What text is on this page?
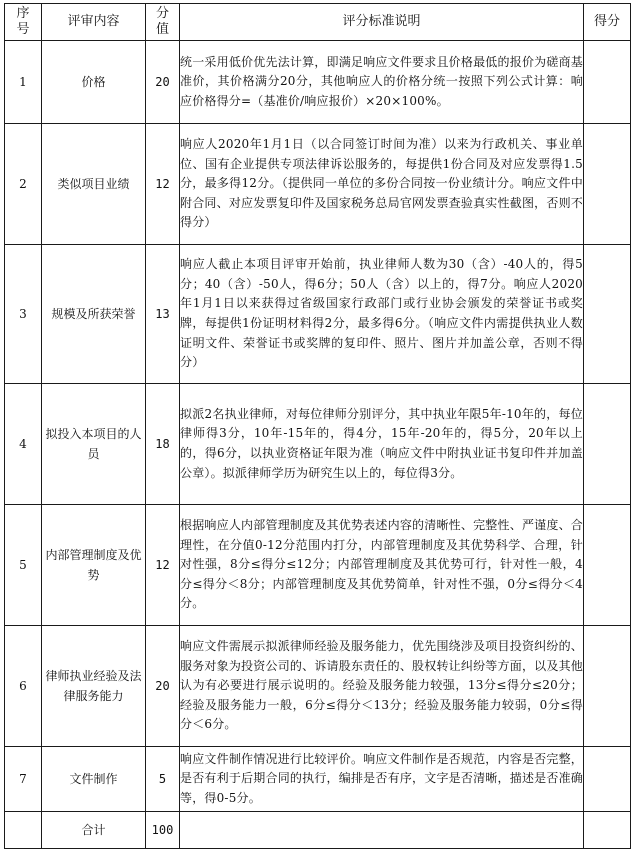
序号	评审内容	分值	评分标准说明	得分
1	价格	20	统一采用低价优先法计算，即满足响应文件要求且价格最低的报价为磋商基准价，其价格满分20分，其他响应人的价格分统一按照下列公式计算：响应价格得分=（基准价/响应报价）×20×100%。	
2	类似项目业绩	12	响应人2020年1月1日（以合同签订时间为准）以来为行政机关、事业单位、国有企业提供专项法律诉讼服务的，每提供1份合同及对应发票得1.5分，最多得12分。（提供同一单位的多份合同按一份业绩计分。响应文件中附合同、对应发票复印件及国家税务总局官网发票查验真实性截图，否则不得分）	
3	规模及所获荣誉	13	响应人截止本项目评审开始前，执业律师人数为30（含）-40人的，得5分；40（含）-50人，得6分；50人（含）以上的，得7分。响应人2020年1月1日以来获得过省级国家行政部门或行业协会颁发的荣誉证书或奖牌，每提供1份证明材料得2分，最多得6分。（响应文件内需提供执业人数证明文件、荣誉证书或奖牌的复印件、照片、图片并加盖公章，否则不得分）	
4	拟投入本项目的人员	18	拟派2名执业律师，对每位律师分别评分，其中执业年限5年-10年的，每位律师得3分，10年-15年的，得4分，15年-20年的，得5分，20年以上的，得6分，以执业资格证年限为准（响应文件中附执业证书复印件并加盖公章）。拟派律师学历为研究生以上的，每位得3分。	
5	内部管理制度及优势	12	根据响应人内部管理制度及其优势表述内容的清晰性、完整性、严谨度、合理性，在分值0-12分范围内打分，内部管理制度及其优势科学、合理，针对性强，8分≤得分≤12分；内部管理制度及其优势可行，针对性一般，4分≤得分＜8分；内部管理制度及其优势简单，针对性不强，0分≤得分＜4分。	
6	律师执业经验及法律服务能力	20	响应文件需展示拟派律师经验及服务能力，优先围绕涉及项目投资纠纷的、服务对象为投资公司的、诉请股东责任的、股权转让纠纷等方面，以及其他认为有必要进行展示说明的。经验及服务能力较强，13分≤得分≤20分；经验及服务能力一般，6分≤得分＜13分；经验及服务能力较弱，0分≤得分＜6分。	
7	文件制作	5	响应文件制作情况进行比较评价。响应文件制作是否规范，内容是否完整，是否有利于后期合同的执行，编排是否有序，文字是否清晰，描述是否准确等，得0-5分。	
	合计	100		
